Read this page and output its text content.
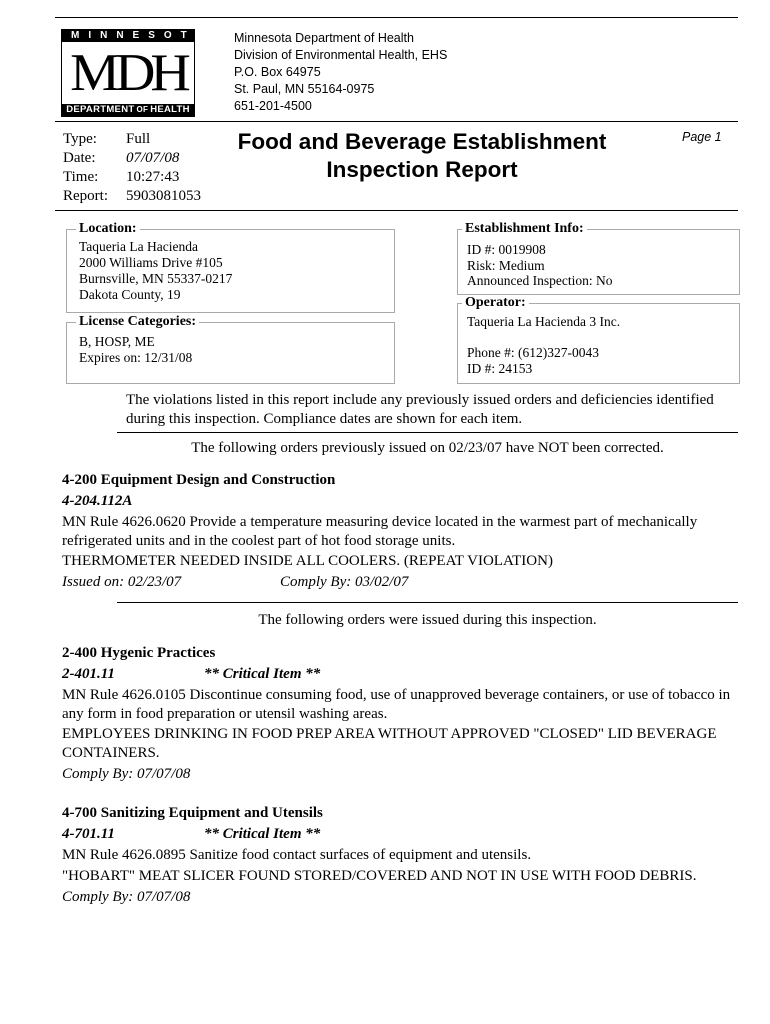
MINNESOTA
MDH
DEPARTMENT OF HEALTH
Minnesota Department of Health
Division of Environmental Health, EHS
P.O. Box 64975
St. Paul, MN 55164-0975
651-201-4500
Type: Full
Date: 07/07/08
Time: 10:27:43
Report: 5903081053
Food and Beverage Establishment
Inspection Report
Page 1
Location:
Taqueria La Hacienda
2000 Williams Drive #105
Burnsville, MN 55337-0217
Dakota County, 19
License Categories:
B, HOSP, ME
Expires on: 12/31/08
Establishment Info:
ID #: 0019908
Risk: Medium
Announced Inspection: No
Operator:
Taqueria La Hacienda 3 Inc.
Phone #: (612)327-0043
ID #: 24153
The violations listed in this report include any previously issued orders and deficiencies identified
during this inspection. Compliance dates are shown for each item.
The following orders previously issued on 02/23/07 have NOT been corrected.
4-200 Equipment Design and Construction
4-204.112A
MN Rule 4626.0620 Provide a temperature measuring device located in the warmest part of mechanically
refrigerated units and in the coolest part of hot food storage units.
THERMOMETER NEEDED INSIDE ALL COOLERS. (REPEAT VIOLATION)
Issued on: 02/23/07	Comply By: 03/02/07
The following orders were issued during this inspection.
2-400 Hygenic Practices
2-401.11	** Critical Item **
MN Rule 4626.0105 Discontinue consuming food, use of unapproved beverage containers, or use of tobacco in
any form in food preparation or utensil washing areas.
EMPLOYEES DRINKING IN FOOD PREP AREA WITHOUT APPROVED "CLOSED" LID BEVERAGE
CONTAINERS.
Comply By: 07/07/08
4-700 Sanitizing Equipment and Utensils
4-701.11	** Critical Item **
MN Rule 4626.0895 Sanitize food contact surfaces of equipment and utensils.
"HOBART" MEAT SLICER FOUND STORED/COVERED AND NOT IN USE WITH FOOD DEBRIS.
Comply By: 07/07/08
